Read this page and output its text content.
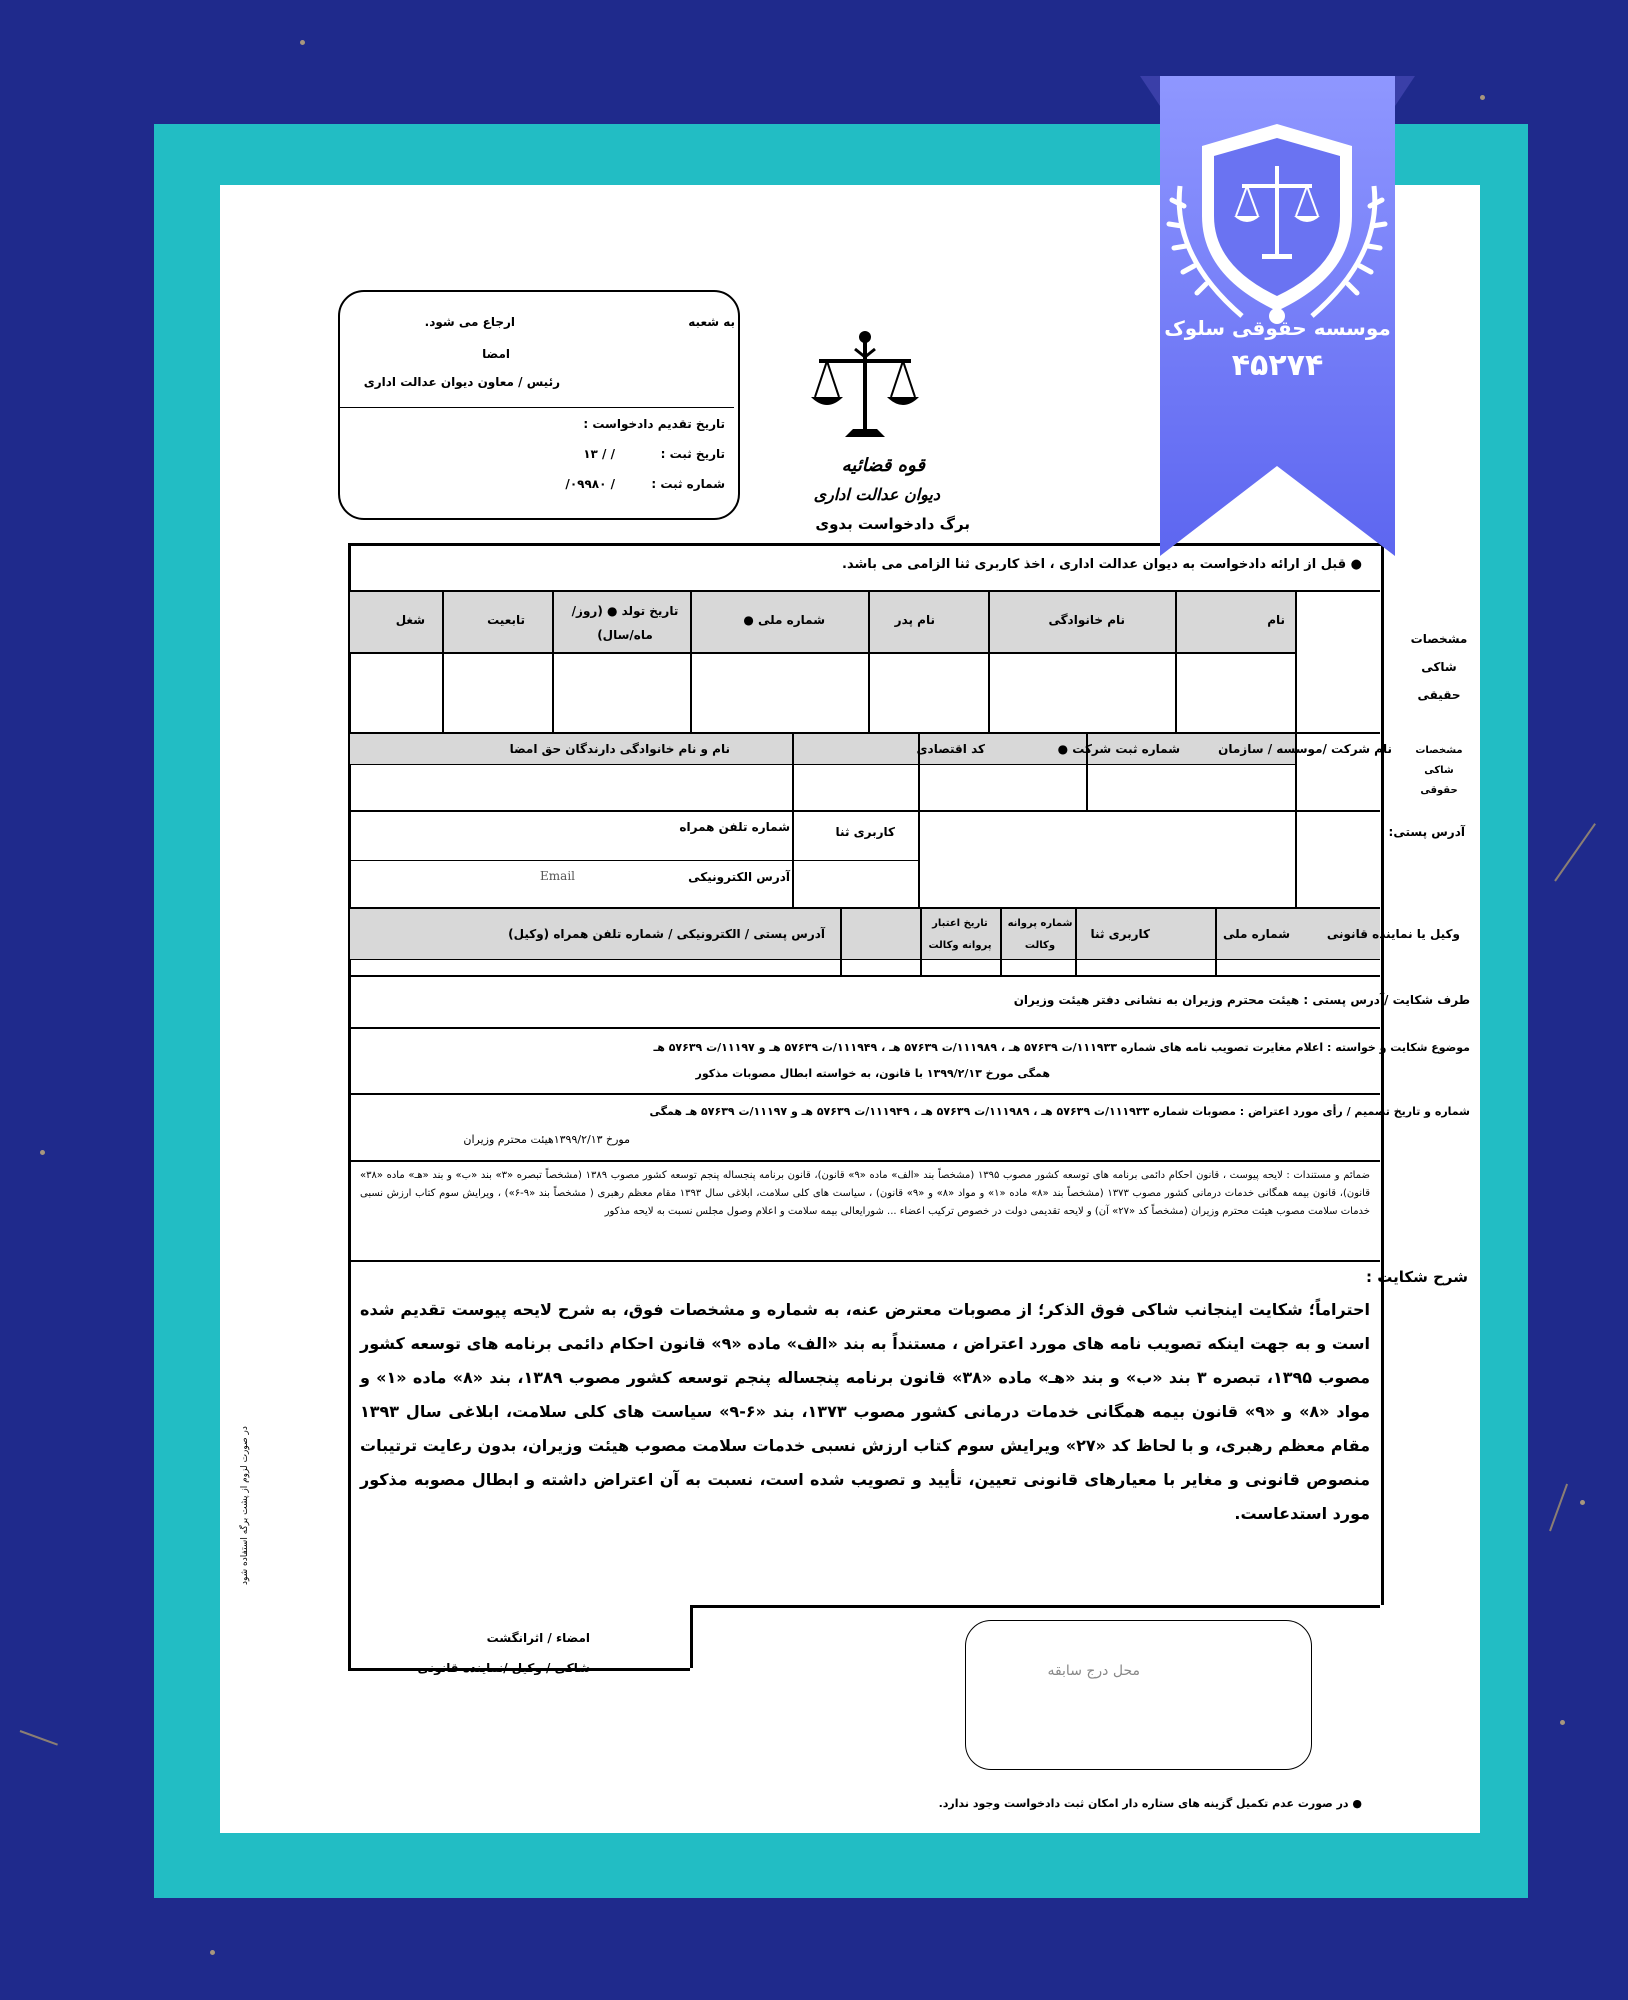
به شعبه
ارجاع می شود.
امضا
رئیس / معاون دیوان عدالت اداری
تاریخ تقدیم دادخواست :
تاریخ ثبت :
/ / ۱۳
شماره ثبت :
/ ۰۹۹۸۰/
قوه قضائیه
دیوان عدالت اداری
برگ دادخواست بدوی
● قبل از ارائه دادخواست به دیوان عدالت اداری ، اخذ کاربری ثنا الزامی می باشد.
مشخصات شاکی حقیقی
نام
نام خانوادگی
نام پدر
شماره ملی ●
تاریخ تولد ● (روز/ماه/سال)
تابعیت
شغل
مشخصات شاکی حقوقی
نام شرکت /موسسه / سازمان
شماره ثبت شرکت ●
کد اقتصادی
نام و نام خانوادگی دارندگان حق امضا
آدرس پستی:
کاربری ثنا
شماره تلفن همراه
آدرس الکترونیکی
Email
وکیل یا نماینده قانونی
شماره ملی
کاربری ثنا
شماره پروانه وکالت
تاریخ اعتبار پروانه وکالت
آدرس پستی / الکترونیکی / شماره تلفن همراه (وکیل)
طرف شکایت /آدرس پستی : هیئت محترم وزیران به نشانی دفتر هیئت وزیران
موضوع شکایت و خواسته : اعلام مغایرت تصویب نامه های شماره ۱۱۱۹۳۳/ت ۵۷۶۳۹ هـ ، ۱۱۱۹۸۹/ت ۵۷۶۳۹ هـ ، ۱۱۱۹۴۹/ت ۵۷۶۳۹ هـ و ۱۱۱۹۷/ت ۵۷۶۳۹ هـ
همگی مورخ ۱۳۹۹/۲/۱۳ با قانون، به خواسته ابطال مصوبات مذکور
شماره و تاریخ تصمیم / رأی مورد اعتراض : مصوبات شماره ۱۱۱۹۳۳/ت ۵۷۶۳۹ هـ ، ۱۱۱۹۸۹/ت ۵۷۶۳۹ هـ ، ۱۱۱۹۴۹/ت ۵۷۶۳۹ هـ و ۱۱۱۹۷/ت ۵۷۶۳۹ هـ همگی
مورخ ۱۳۹۹/۲/۱۳هیئت محترم وزیران
ضمائم و مستندات : لایحه پیوست ، قانون احکام دائمی برنامه های توسعه کشور مصوب ۱۳۹۵ (مشخصاً بند «الف» ماده «۹» قانون)، قانون برنامه پنجساله پنجم توسعه کشور مصوب ۱۳۸۹ (مشخصاً تبصره «۳» بند «ب» و بند «هـ» ماده «۳۸» قانون)، قانون بیمه همگانی خدمات درمانی کشور مصوب ۱۳۷۳ (مشخصاً بند «۸» ماده «۱» و مواد «۸» و «۹» قانون) ، سیاست های کلی سلامت، ابلاغی سال ۱۳۹۳ مقام معظم رهبری ( مشخصاً بند «۹-۶») ، ویرایش سوم کتاب ارزش نسبی خدمات سلامت مصوب هیئت محترم وزیران (مشخصاً کد «۲۷» آن) و لایحه تقدیمی دولت در خصوص ترکیب اعضاء ... شورایعالی بیمه سلامت و اعلام وصول مجلس نسبت به لایحه مذکور
شرح شکایت :
احتراماً؛ شکایت اینجانب شاکی فوق الذکر؛ از مصوبات معترض عنه، به شماره و مشخصات فوق، به شرح لایحه پیوست تقدیم شده است و به جهت اینکه تصویب نامه های مورد اعتراض ، مستنداً به بند «الف» ماده «۹» قانون احکام دائمی برنامه های توسعه کشور مصوب ۱۳۹۵، تبصره ۳ بند «ب» و بند «هـ» ماده «۳۸» قانون برنامه پنجساله پنجم توسعه کشور مصوب ۱۳۸۹، بند «۸» ماده «۱» و مواد «۸» و «۹» قانون بیمه همگانی خدمات درمانی کشور مصوب ۱۳۷۳، بند «۶-۹» سیاست های کلی سلامت، ابلاغی سال ۱۳۹۳ مقام معظم رهبری، و با لحاظ کد «۲۷» ویرایش سوم کتاب ارزش نسبی خدمات سلامت مصوب هیئت وزیران، بدون رعایت ترتیبات منصوص قانونی و مغایر با معیارهای قانونی تعیین، تأیید و تصویب شده است، نسبت به آن اعتراض داشته و ابطال مصوبه مذکور مورد استدعاست.
امضاء / اثرانگشت
شاکی / وکیل /نماینده قانونی	محل درج سابقه
● در صورت عدم تکمیل گزینه های ستاره دار امکان ثبت دادخواست وجود ندارد.
در صورت لزوم از پشت برگه استفاده شود
موسسه حقوقی سلوک
۴۵۲۷۴
